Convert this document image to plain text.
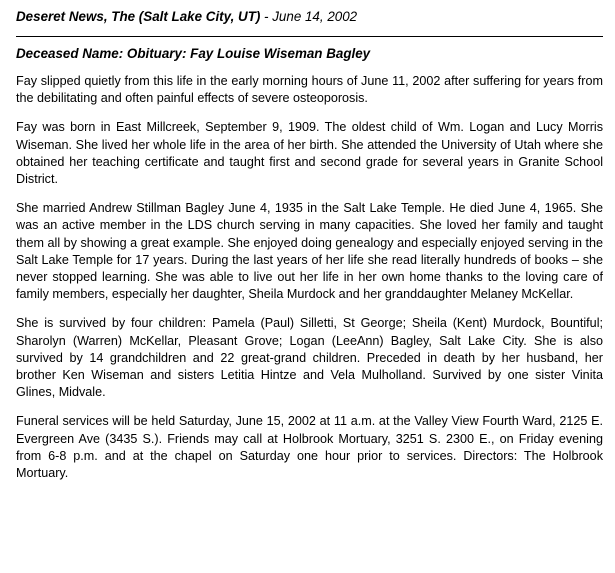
Deseret News, The (Salt Lake City, UT) - June 14, 2002

Deceased Name: Obituary: Fay Louise Wiseman Bagley

Fay slipped quietly from this life in the early morning hours of June 11, 2002 after suffering for years from the debilitating and often painful effects of severe osteoporosis.

Fay was born in East Millcreek, September 9, 1909. The oldest child of Wm. Logan and Lucy Morris Wiseman. She lived her whole life in the area of her birth. She attended the University of Utah where she obtained her teaching certificate and taught first and second grade for several years in Granite School District.

She married Andrew Stillman Bagley June 4, 1935 in the Salt Lake Temple. He died June 4, 1965. She was an active member in the LDS church serving in many capacities. She loved her family and taught them all by showing a great example. She enjoyed doing genealogy and especially enjoyed serving in the Salt Lake Temple for 17 years. During the last years of her life she read literally hundreds of books – she never stopped learning. She was able to live out her life in her own home thanks to the loving care of family members, especially her daughter, Sheila Murdock and her granddaughter Melaney McKellar.

She is survived by four children: Pamela (Paul) Silletti, St George; Sheila (Kent) Murdock, Bountiful; Sharolyn (Warren) McKellar, Pleasant Grove; Logan (LeeAnn) Bagley, Salt Lake City. She is also survived by 14 grandchildren and 22 great-grand children. Preceded in death by her husband, her brother Ken Wiseman and sisters Letitia Hintze and Vela Mulholland. Survived by one sister Vinita Glines, Midvale.

Funeral services will be held Saturday, June 15, 2002 at 11 a.m. at the Valley View Fourth Ward, 2125 E. Evergreen Ave (3435 S.). Friends may call at Holbrook Mortuary, 3251 S. 2300 E., on Friday evening from 6-8 p.m. and at the chapel on Saturday one hour prior to services. Directors: The Holbrook Mortuary.
